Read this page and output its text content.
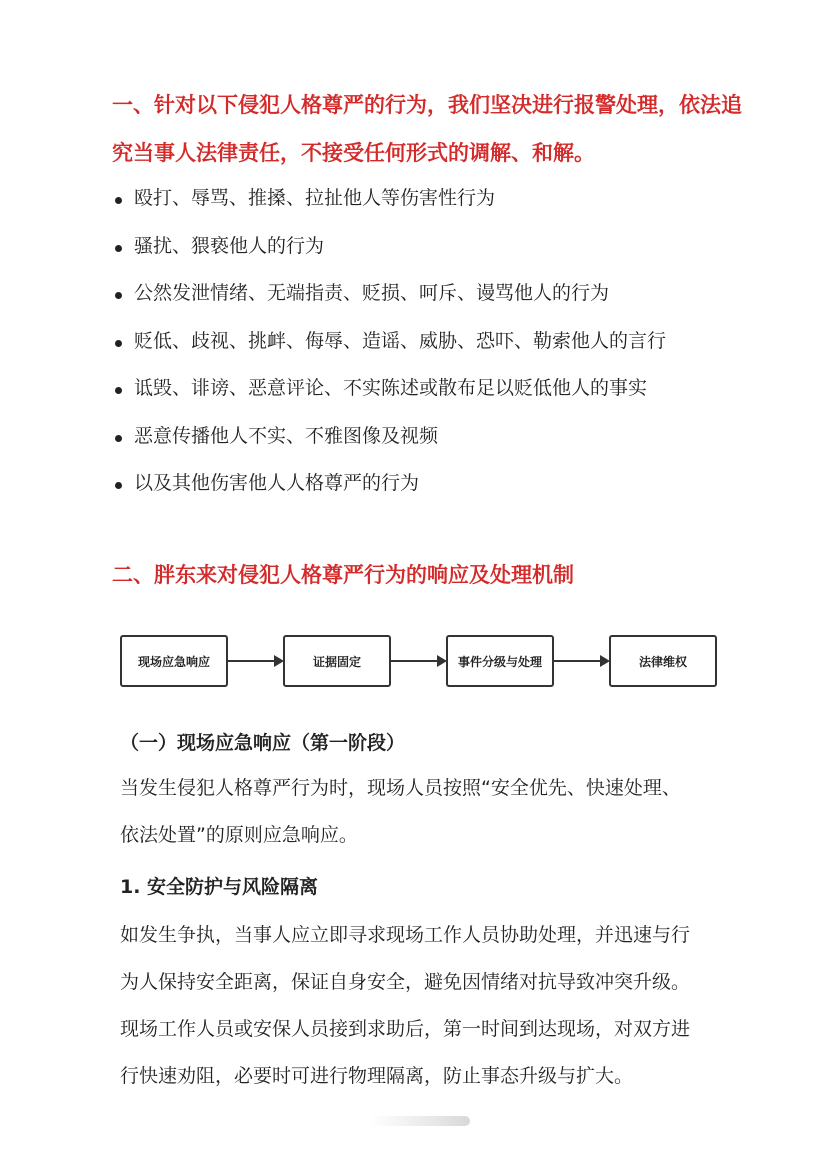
一、针对以下侵犯人格尊严的行为，我们坚决进行报警处理，依法追
究当事人法律责任，不接受任何形式的调解、和解。
殴打、辱骂、推搡、拉扯他人等伤害性行为
骚扰、猥亵他人的行为
公然发泄情绪、无端指责、贬损、呵斥、谩骂他人的行为
贬低、歧视、挑衅、侮辱、造谣、威胁、恐吓、勒索他人的言行
诋毁、诽谤、恶意评论、不实陈述或散布足以贬低他人的事实
恶意传播他人不实、不雅图像及视频
以及其他伤害他人人格尊严的行为
二、胖东来对侵犯人格尊严行为的响应及处理机制
现场应急响应	证据固定	事件分级与处理	法律维权
（一）现场应急响应（第一阶段）
当发生侵犯人格尊严行为时，现场人员按照“安全优先、快速处理、
依法处置”的原则应急响应。
1. 安全防护与风险隔离
如发生争执，当事人应立即寻求现场工作人员协助处理，并迅速与行
为人保持安全距离，保证自身安全，避免因情绪对抗导致冲突升级。
现场工作人员或安保人员接到求助后，第一时间到达现场，对双方进
行快速劝阻，必要时可进行物理隔离，防止事态升级与扩大。
